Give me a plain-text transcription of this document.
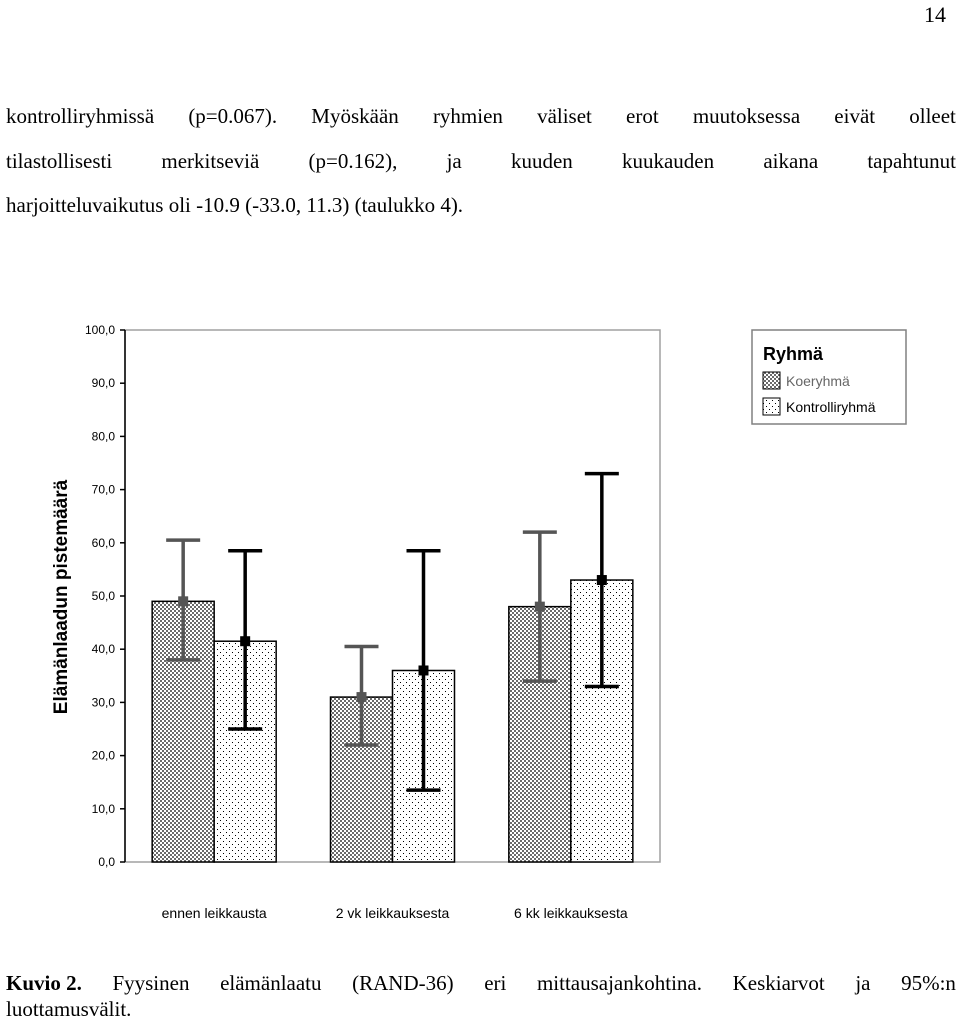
14
kontrolliryhmissä (p=0.067). Myöskään ryhmien väliset erot muutoksessa eivät olleet
tilastollisesti merkitseviä (p=0.162), ja kuuden kuukauden aikana tapahtunut
harjoitteluvaikutus oli -10.9 (-33.0, 11.3) (taulukko 4).
0,0
10,0
20,0
30,0
40,0
50,0
60,0
70,0
80,0
90,0
100,0
ennen leikkausta	2 vk leikkauksesta	6 kk leikkauksesta
Elämänlaadun pistemäärä
Ryhmä
Koeryhmä
Kontrolliryhmä
Kuvio 2. Fyysinen elämänlaatu (RAND-36) eri mittausajankohtina. Keskiarvot ja 95%:n
luottamusvälit.
